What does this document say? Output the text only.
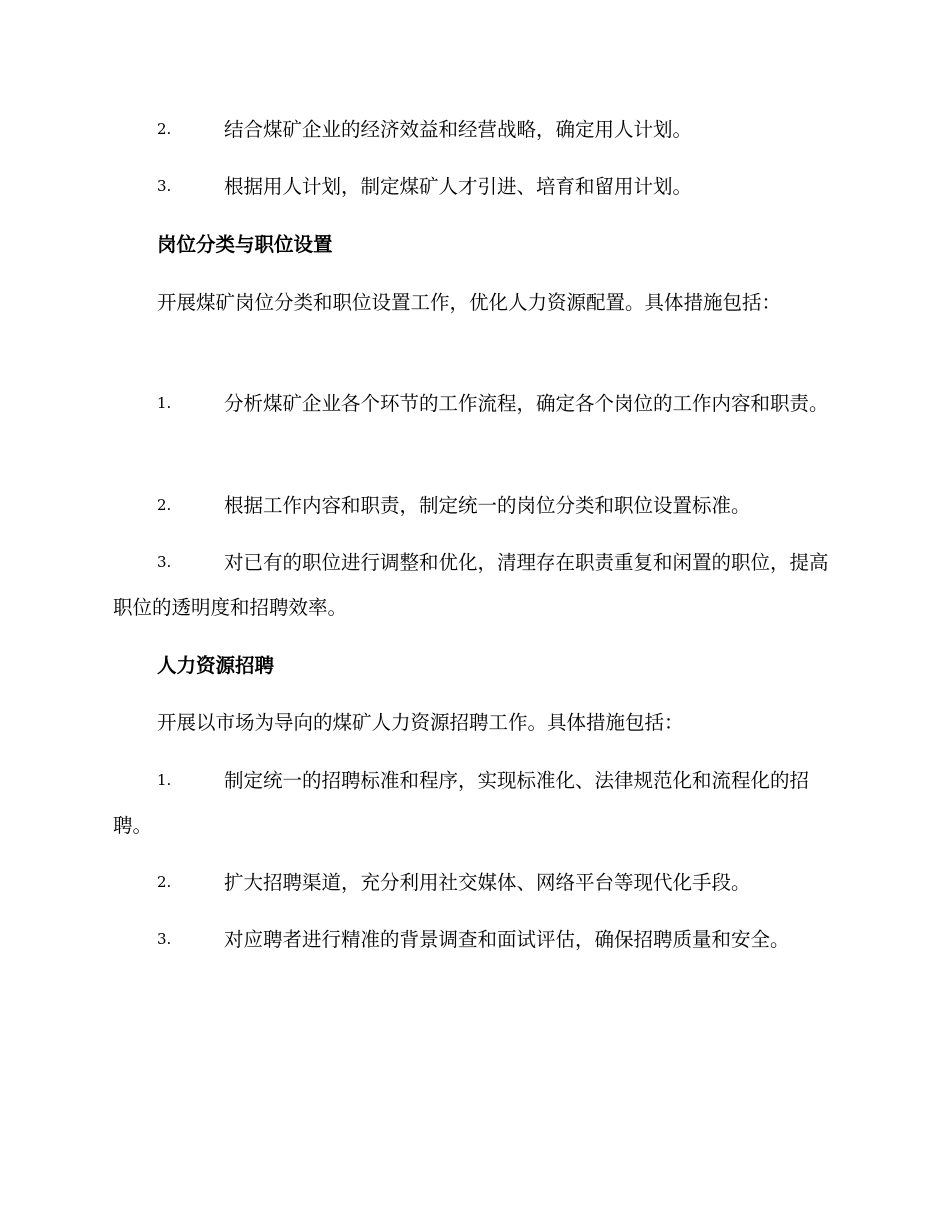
2.	结合煤矿企业的经济效益和经营战略，确定用人计划。

3.	根据用人计划，制定煤矿人才引进、培育和留用计划。

岗位分类与职位设置

开展煤矿岗位分类和职位设置工作，优化人力资源配置。具体措施包括：

1.	分析煤矿企业各个环节的工作流程，确定各个岗位的工作内容和职责。

2.	根据工作内容和职责，制定统一的岗位分类和职位设置标准。

3.	对已有的职位进行调整和优化，清理存在职责重复和闲置的职位，提高职位的透明度和招聘效率。

人力资源招聘

开展以市场为导向的煤矿人力资源招聘工作。具体措施包括：

1.	制定统一的招聘标准和程序，实现标准化、法律规范化和流程化的招聘。

2.	扩大招聘渠道，充分利用社交媒体、网络平台等现代化手段。

3.	对应聘者进行精准的背景调查和面试评估，确保招聘质量和安全。
